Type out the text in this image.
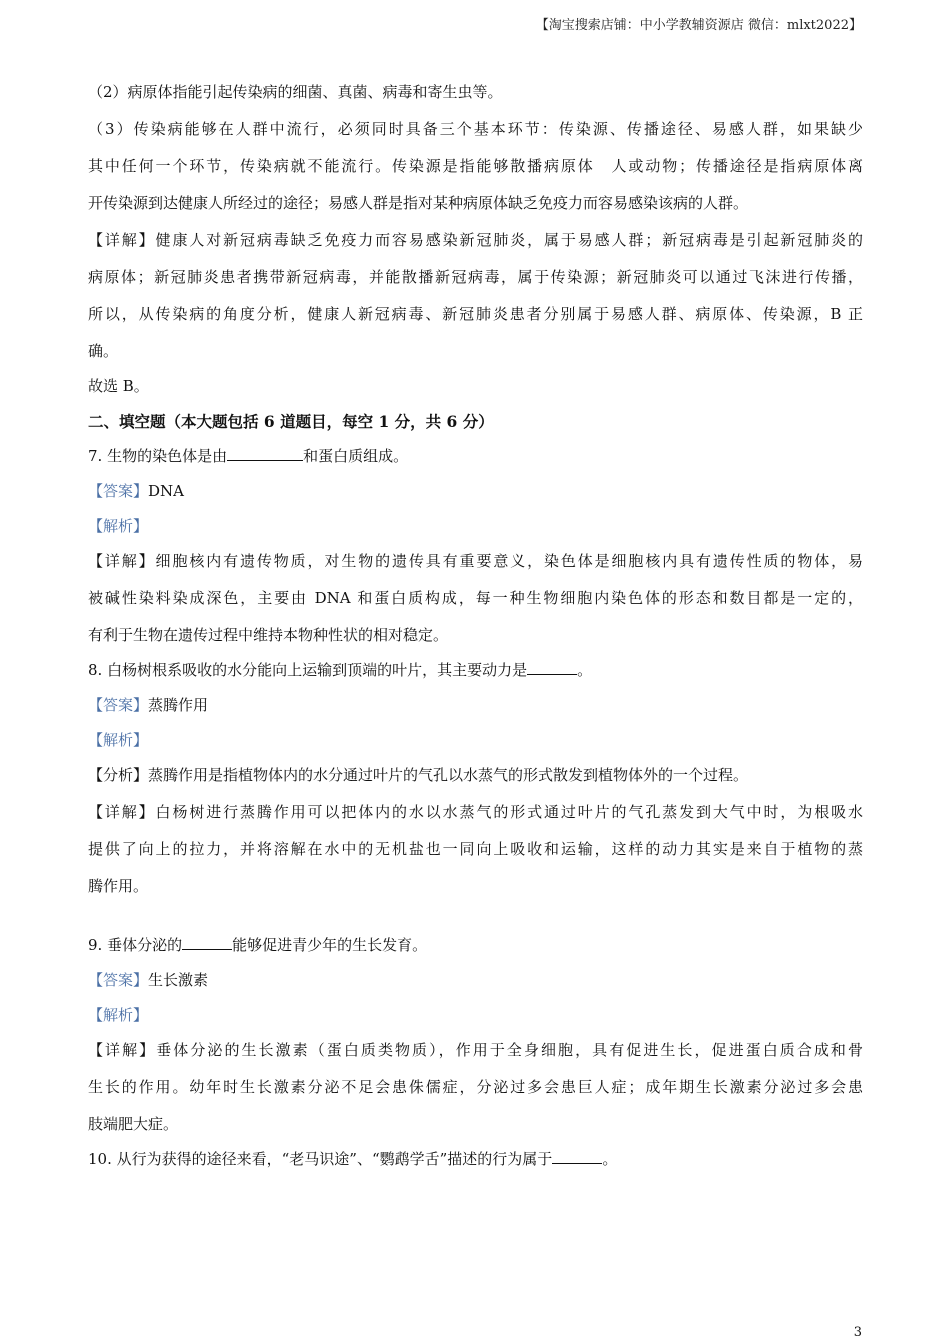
【淘宝搜索店铺：中小学教辅资源店 微信：mlxt2022】
（2）病原体指能引起传染病的细菌、真菌、病毒和寄生虫等。
（3）传染病能够在人群中流行，必须同时具备三个基本环节：传染源、传播途径、易感人群，如果缺少
其中任何一个环节，传染病就不能流行。传染源是指能够散播病原体　人或动物；传播途径是指病原体离
开传染源到达健康人所经过的途径；易感人群是指对某种病原体缺乏免疫力而容易感染该病的人群。
【详解】健康人对新冠病毒缺乏免疫力而容易感染新冠肺炎，属于易感人群；新冠病毒是引起新冠肺炎的
病原体；新冠肺炎患者携带新冠病毒，并能散播新冠病毒，属于传染源；新冠肺炎可以通过飞沫进行传播，
所以，从传染病的角度分析，健康人新冠病毒、新冠肺炎患者分别属于易感人群、病原体、传染源，B 正
确。
故选 B。
二、填空题（本大题包括 6 道题目，每空 1 分，共 6 分）
7. 生物的染色体是由	和蛋白质组成。
【答案】DNA
【解析】
【详解】细胞核内有遗传物质，对生物的遗传具有重要意义，染色体是细胞核内具有遗传性质的物体，易
被碱性染料染成深色，主要由 DNA 和蛋白质构成，每一种生物细胞内染色体的形态和数目都是一定的，
有利于生物在遗传过程中维持本物种性状的相对稳定。
8. 白杨树根系吸收的水分能向上运输到顶端的叶片，其主要动力是	。
【答案】蒸腾作用
【解析】
【分析】蒸腾作用是指植物体内的水分通过叶片的气孔以水蒸气的形式散发到植物体外的一个过程。
【详解】白杨树进行蒸腾作用可以把体内的水以水蒸气的形式通过叶片的气孔蒸发到大气中时，为根吸水
提供了向上的拉力，并将溶解在水中的无机盐也一同向上吸收和运输，这样的动力其实是来自于植物的蒸
腾作用。
9. 垂体分泌的	能够促进青少年的生长发育。
【答案】生长激素
【解析】
【详解】垂体分泌的生长激素（蛋白质类物质），作用于全身细胞，具有促进生长，促进蛋白质合成和骨
生长的作用。幼年时生长激素分泌不足会患侏儒症，分泌过多会患巨人症；成年期生长激素分泌过多会患
肢端肥大症。
10. 从行为获得的途径来看，“老马识途”、“鹦鹉学舌”描述的行为属于	。
3
